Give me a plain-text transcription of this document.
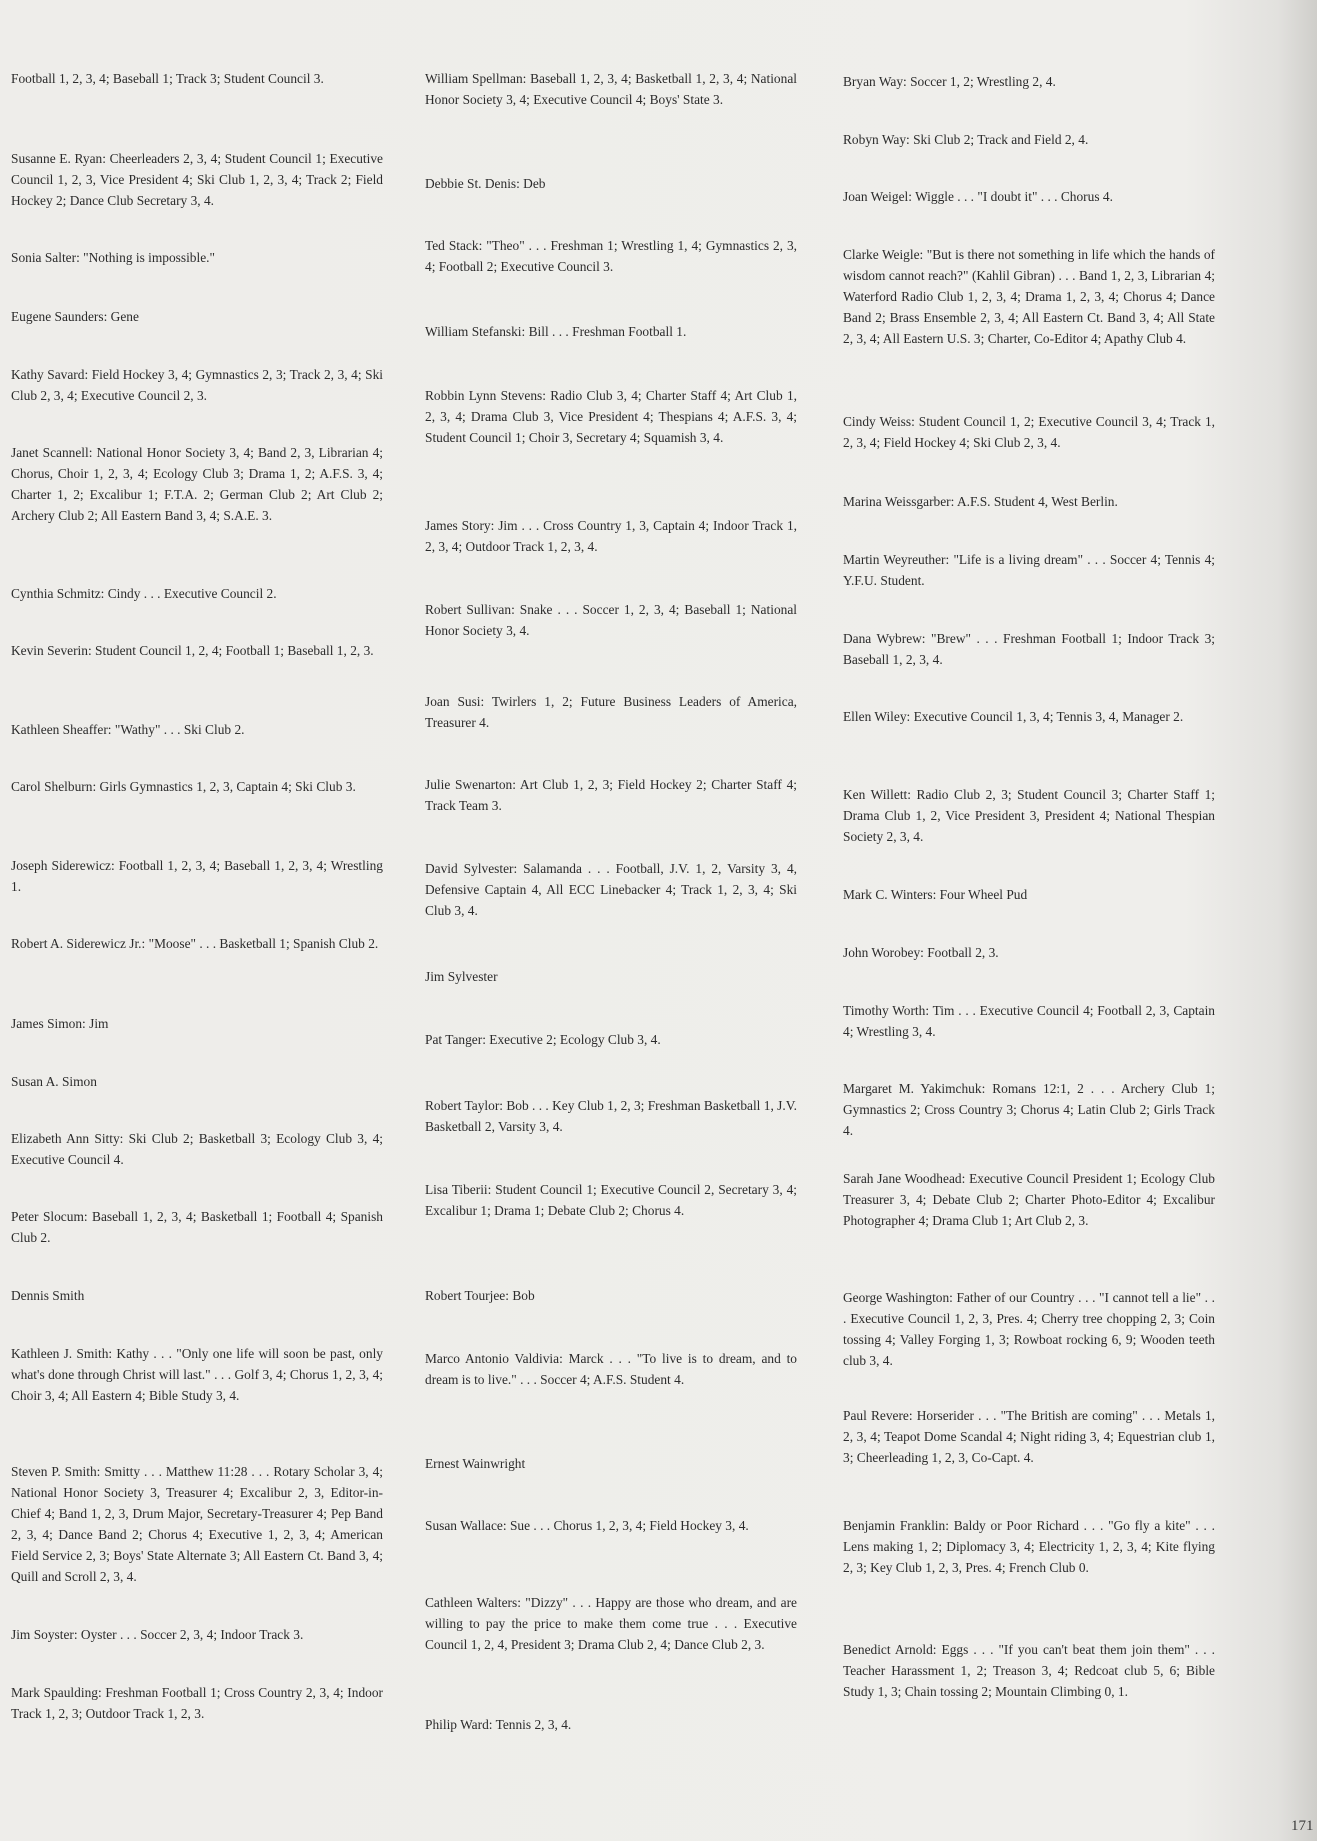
Football 1, 2, 3, 4; Baseball 1; Track 3; Student Council 3.

Susanne E. Ryan: Cheerleaders 2, 3, 4; Student Council 1; Executive Council 1, 2, 3, Vice President 4; Ski Club 1, 2, 3, 4; Track 2; Field Hockey 2; Dance Club Secretary 3, 4.

Sonia Salter: "Nothing is impossible."

Eugene Saunders: Gene

Kathy Savard: Field Hockey 3, 4; Gymnastics 2, 3; Track 2, 3, 4; Ski Club 2, 3, 4; Executive Council 2, 3.

Janet Scannell: National Honor Society 3, 4; Band 2, 3, Librarian 4; Chorus, Choir 1, 2, 3, 4; Ecology Club 3; Drama 1, 2; A.F.S. 3, 4; Charter 1, 2; Excalibur 1; F.T.A. 2; German Club 2; Art Club 2; Archery Club 2; All Eastern Band 3, 4; S.A.E. 3.

Cynthia Schmitz: Cindy . . . Executive Council 2.

Kevin Severin: Student Council 1, 2, 4; Football 1; Baseball 1, 2, 3.

Kathleen Sheaffer: "Wathy" . . . Ski Club 2.

Carol Shelburn: Girls Gymnastics 1, 2, 3, Captain 4; Ski Club 3.

Joseph Siderewicz: Football 1, 2, 3, 4; Baseball 1, 2, 3, 4; Wrestling 1.

Robert A. Siderewicz Jr.: "Moose" . . . Basketball 1; Spanish Club 2.

James Simon: Jim

Susan A. Simon

Elizabeth Ann Sitty: Ski Club 2; Basketball 3; Ecology Club 3, 4; Executive Council 4.

Peter Slocum: Baseball 1, 2, 3, 4; Basketball 1; Football 4; Spanish Club 2.

Dennis Smith

Kathleen J. Smith: Kathy . . . "Only one life will soon be past, only what's done through Christ will last." . . . Golf 3, 4; Chorus 1, 2, 3, 4; Choir 3, 4; All Eastern 4; Bible Study 3, 4.

Steven P. Smith: Smitty . . . Matthew 11:28 . . . Rotary Scholar 3, 4; National Honor Society 3, Treasurer 4; Excalibur 2, 3, Editor-in-Chief 4; Band 1, 2, 3, Drum Major, Secretary-Treasurer 4; Pep Band 2, 3, 4; Dance Band 2; Chorus 4; Executive 1, 2, 3, 4; American Field Service 2, 3; Boys' State Alternate 3; All Eastern Ct. Band 3, 4; Quill and Scroll 2, 3, 4.

Jim Soyster: Oyster . . . Soccer 2, 3, 4; Indoor Track 3.

Mark Spaulding: Freshman Football 1; Cross Country 2, 3, 4; Indoor Track 1, 2, 3; Outdoor Track 1, 2, 3.

William Spellman: Baseball 1, 2, 3, 4; Basketball 1, 2, 3, 4; National Honor Society 3, 4; Executive Council 4; Boys' State 3.

Debbie St. Denis: Deb

Ted Stack: "Theo" . . . Freshman 1; Wrestling 1, 4; Gymnastics 2, 3, 4; Football 2; Executive Council 3.

William Stefanski: Bill . . . Freshman Football 1.

Robbin Lynn Stevens: Radio Club 3, 4; Charter Staff 4; Art Club 1, 2, 3, 4; Drama Club 3, Vice President 4; Thespians 4; A.F.S. 3, 4; Student Council 1; Choir 3, Secretary 4; Squamish 3, 4.

James Story: Jim . . . Cross Country 1, 3, Captain 4; Indoor Track 1, 2, 3, 4; Outdoor Track 1, 2, 3, 4.

Robert Sullivan: Snake . . . Soccer 1, 2, 3, 4; Baseball 1; National Honor Society 3, 4.

Joan Susi: Twirlers 1, 2; Future Business Leaders of America, Treasurer 4.

Julie Swenarton: Art Club 1, 2, 3; Field Hockey 2; Charter Staff 4; Track Team 3.

David Sylvester: Salamanda . . . Football, J.V. 1, 2, Varsity 3, 4, Defensive Captain 4, All ECC Linebacker 4; Track 1, 2, 3, 4; Ski Club 3, 4.

Jim Sylvester

Pat Tanger: Executive 2; Ecology Club 3, 4.

Robert Taylor: Bob . . . Key Club 1, 2, 3; Freshman Basketball 1, J.V. Basketball 2, Varsity 3, 4.

Lisa Tiberii: Student Council 1; Executive Council 2, Secretary 3, 4; Excalibur 1; Drama 1; Debate Club 2; Chorus 4.

Robert Tourjee: Bob

Marco Antonio Valdivia: Marck . . . "To live is to dream, and to dream is to live." . . . Soccer 4; A.F.S. Student 4.

Ernest Wainwright

Susan Wallace: Sue . . . Chorus 1, 2, 3, 4; Field Hockey 3, 4.

Cathleen Walters: "Dizzy" . . . Happy are those who dream, and are willing to pay the price to make them come true . . . Executive Council 1, 2, 4, President 3; Drama Club 2, 4; Dance Club 2, 3.

Philip Ward: Tennis 2, 3, 4.

Bryan Way: Soccer 1, 2; Wrestling 2, 4.

Robyn Way: Ski Club 2; Track and Field 2, 4.

Joan Weigel: Wiggle . . . "I doubt it" . . . Chorus 4.

Clarke Weigle: "But is there not something in life which the hands of wisdom cannot reach?" (Kahlil Gibran) . . . Band 1, 2, 3, Librarian 4; Waterford Radio Club 1, 2, 3, 4; Drama 1, 2, 3, 4; Chorus 4; Dance Band 2; Brass Ensemble 2, 3, 4; All Eastern Ct. Band 3, 4; All State 2, 3, 4; All Eastern U.S. 3; Charter, Co-Editor 4; Apathy Club 4.

Cindy Weiss: Student Council 1, 2; Executive Council 3, 4; Track 1, 2, 3, 4; Field Hockey 4; Ski Club 2, 3, 4.

Marina Weissgarber: A.F.S. Student 4, West Berlin.

Martin Weyreuther: "Life is a living dream" . . . Soccer 4; Tennis 4; Y.F.U. Student.

Dana Wybrew: "Brew" . . . Freshman Football 1; Indoor Track 3; Baseball 1, 2, 3, 4.

Ellen Wiley: Executive Council 1, 3, 4; Tennis 3, 4, Manager 2.

Ken Willett: Radio Club 2, 3; Student Council 3; Charter Staff 1; Drama Club 1, 2, Vice President 3, President 4; National Thespian Society 2, 3, 4.

Mark C. Winters: Four Wheel Pud

John Worobey: Football 2, 3.

Timothy Worth: Tim . . . Executive Council 4; Football 2, 3, Captain 4; Wrestling 3, 4.

Margaret M. Yakimchuk: Romans 12:1, 2 . . . Archery Club 1; Gymnastics 2; Cross Country 3; Chorus 4; Latin Club 2; Girls Track 4.

Sarah Jane Woodhead: Executive Council President 1; Ecology Club Treasurer 3, 4; Debate Club 2; Charter Photo-Editor 4; Excalibur Photographer 4; Drama Club 1; Art Club 2, 3.

George Washington: Father of our Country . . . "I cannot tell a lie" . . . Executive Council 1, 2, 3, Pres. 4; Cherry tree chopping 2, 3; Coin tossing 4; Valley Forging 1, 3; Rowboat rocking 6, 9; Wooden teeth club 3, 4.

Paul Revere: Horserider . . . "The British are coming" . . . Metals 1, 2, 3, 4; Teapot Dome Scandal 4; Night riding 3, 4; Equestrian club 1, 3; Cheerleading 1, 2, 3, Co-Capt. 4.

Benjamin Franklin: Baldy or Poor Richard . . . "Go fly a kite" . . . Lens making 1, 2; Diplomacy 3, 4; Electricity 1, 2, 3, 4; Kite flying 2, 3; Key Club 1, 2, 3, Pres. 4; French Club 0.

Benedict Arnold: Eggs . . . "If you can't beat them join them" . . . Teacher Harassment 1, 2; Treason 3, 4; Redcoat club 5, 6; Bible Study 1, 3; Chain tossing 2; Mountain Climbing 0, 1.

171
